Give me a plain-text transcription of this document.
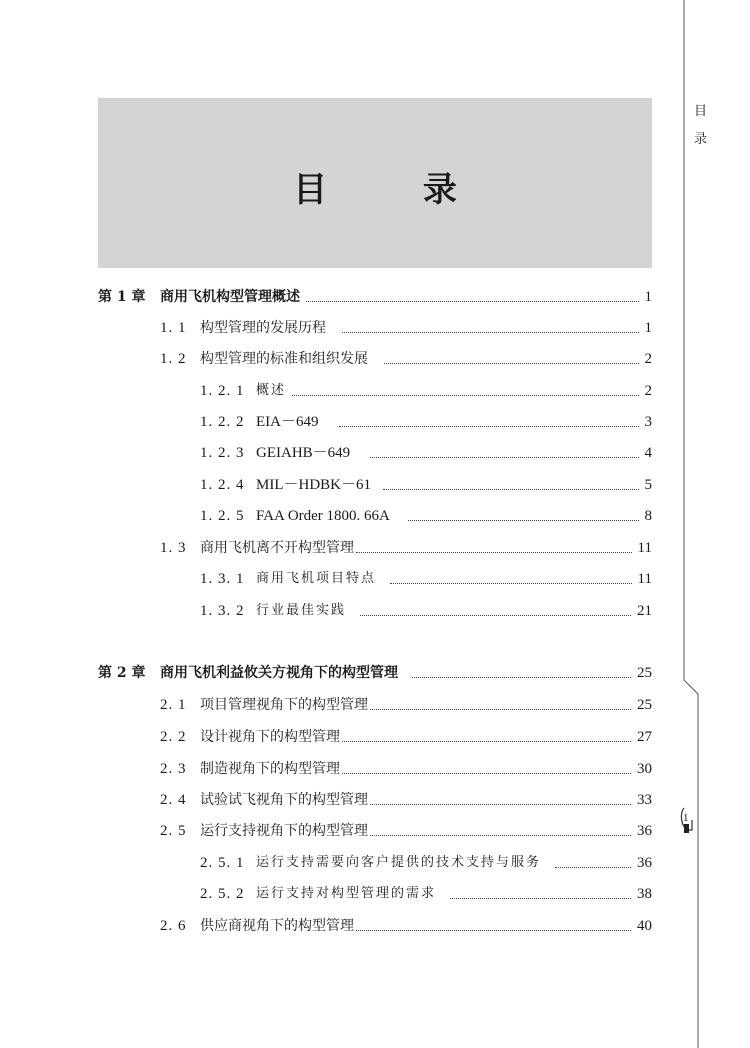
目 录
目
录
1
第 1 章	商用飞机构型管理概述	1
1. 1 构型管理的发展历程	1
1. 2 构型管理的标准和组织发展	2
1. 2. 1 概述	2
1. 2. 2 EIA－649	3
1. 2. 3 GEIAHB－649	4
1. 2. 4 MIL－HDBK－61	5
1. 2. 5 FAA Order 1800. 66A	8
1. 3 商用飞机离不开构型管理	11
1. 3. 1 商用飞机项目特点	11
1. 3. 2 行业最佳实践	21
第 2 章	商用飞机利益攸关方视角下的构型管理	25
2. 1 项目管理视角下的构型管理	25
2. 2 设计视角下的构型管理	27
2. 3 制造视角下的构型管理	30
2. 4 试验试飞视角下的构型管理	33
2. 5 运行支持视角下的构型管理	36
2. 5. 1 运行支持需要向客户提供的技术支持与服务	36
2. 5. 2 运行支持对构型管理的需求	38
2. 6 供应商视角下的构型管理	40
